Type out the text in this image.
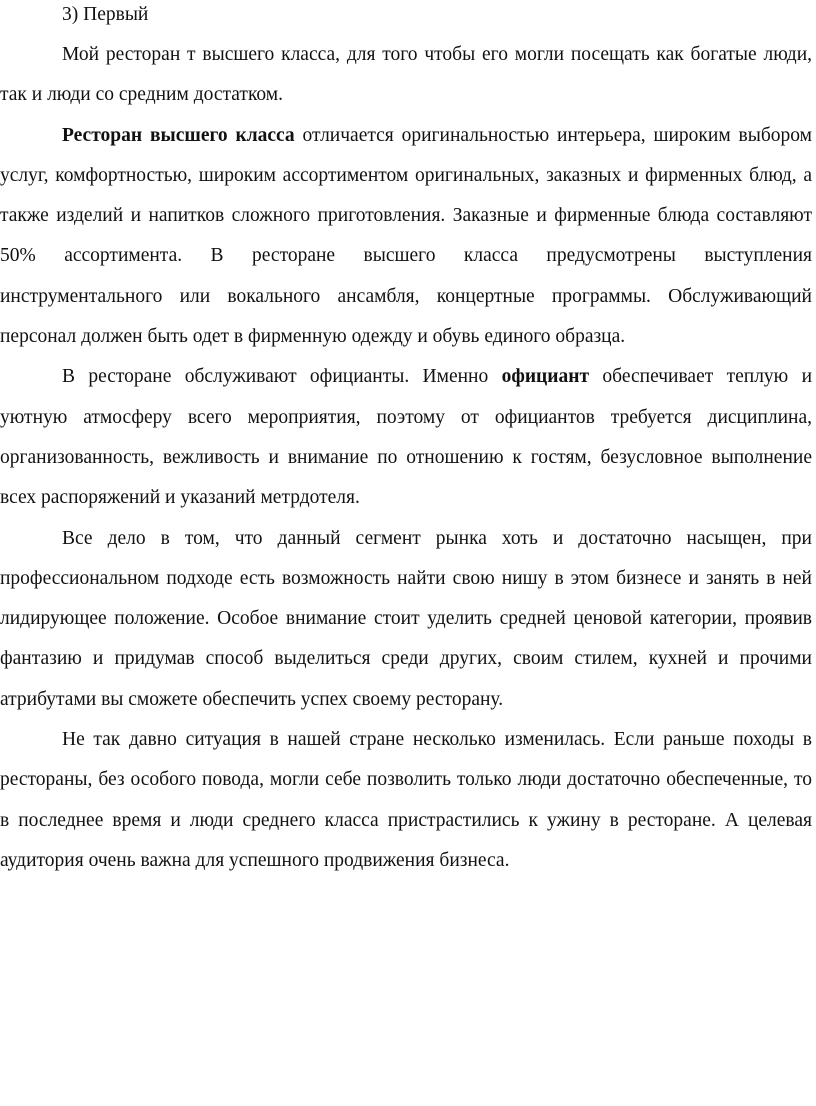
3) Первый

Мой ресторан т высшего класса, для того чтобы его могли посещать как богатые люди, так и люди со средним достатком.

Ресторан высшего класса отличается оригинальностью интерьера, широким выбором услуг, комфортностью, широким ассортиментом оригинальных, заказных и фирменных блюд, а также изделий и напитков сложного приготовления. Заказные и фирменные блюда составляют 50% ассортимента. В ресторане высшего класса предусмотрены выступления инструментального или вокального ансамбля, концертные программы. Обслуживающий персонал должен быть одет в фирменную одежду и обувь единого образца.

В ресторане обслуживают официанты. Именно официант обеспечивает теплую и уютную атмосферу всего мероприятия, поэтому от официантов требуется дисциплина, организованность, вежливость и внимание по отношению к гостям, безусловное выполнение всех распоряжений и указаний метрдотеля.

Все дело в том, что данный сегмент рынка хоть и достаточно насыщен, при профессиональном подходе есть возможность найти свою нишу в этом бизнесе и занять в ней лидирующее положение. Особое внимание стоит уделить средней ценовой категории, проявив фантазию и придумав способ выделиться среди других, своим стилем, кухней и прочими атрибутами вы сможете обеспечить успех своему ресторану.

Не так давно ситуация в нашей стране несколько изменилась. Если раньше походы в рестораны, без особого повода, могли себе позволить только люди достаточно обеспеченные, то в последнее время и люди среднего класса пристрастились к ужину в ресторане. А целевая аудитория очень важна для успешного продвижения бизнеса.
